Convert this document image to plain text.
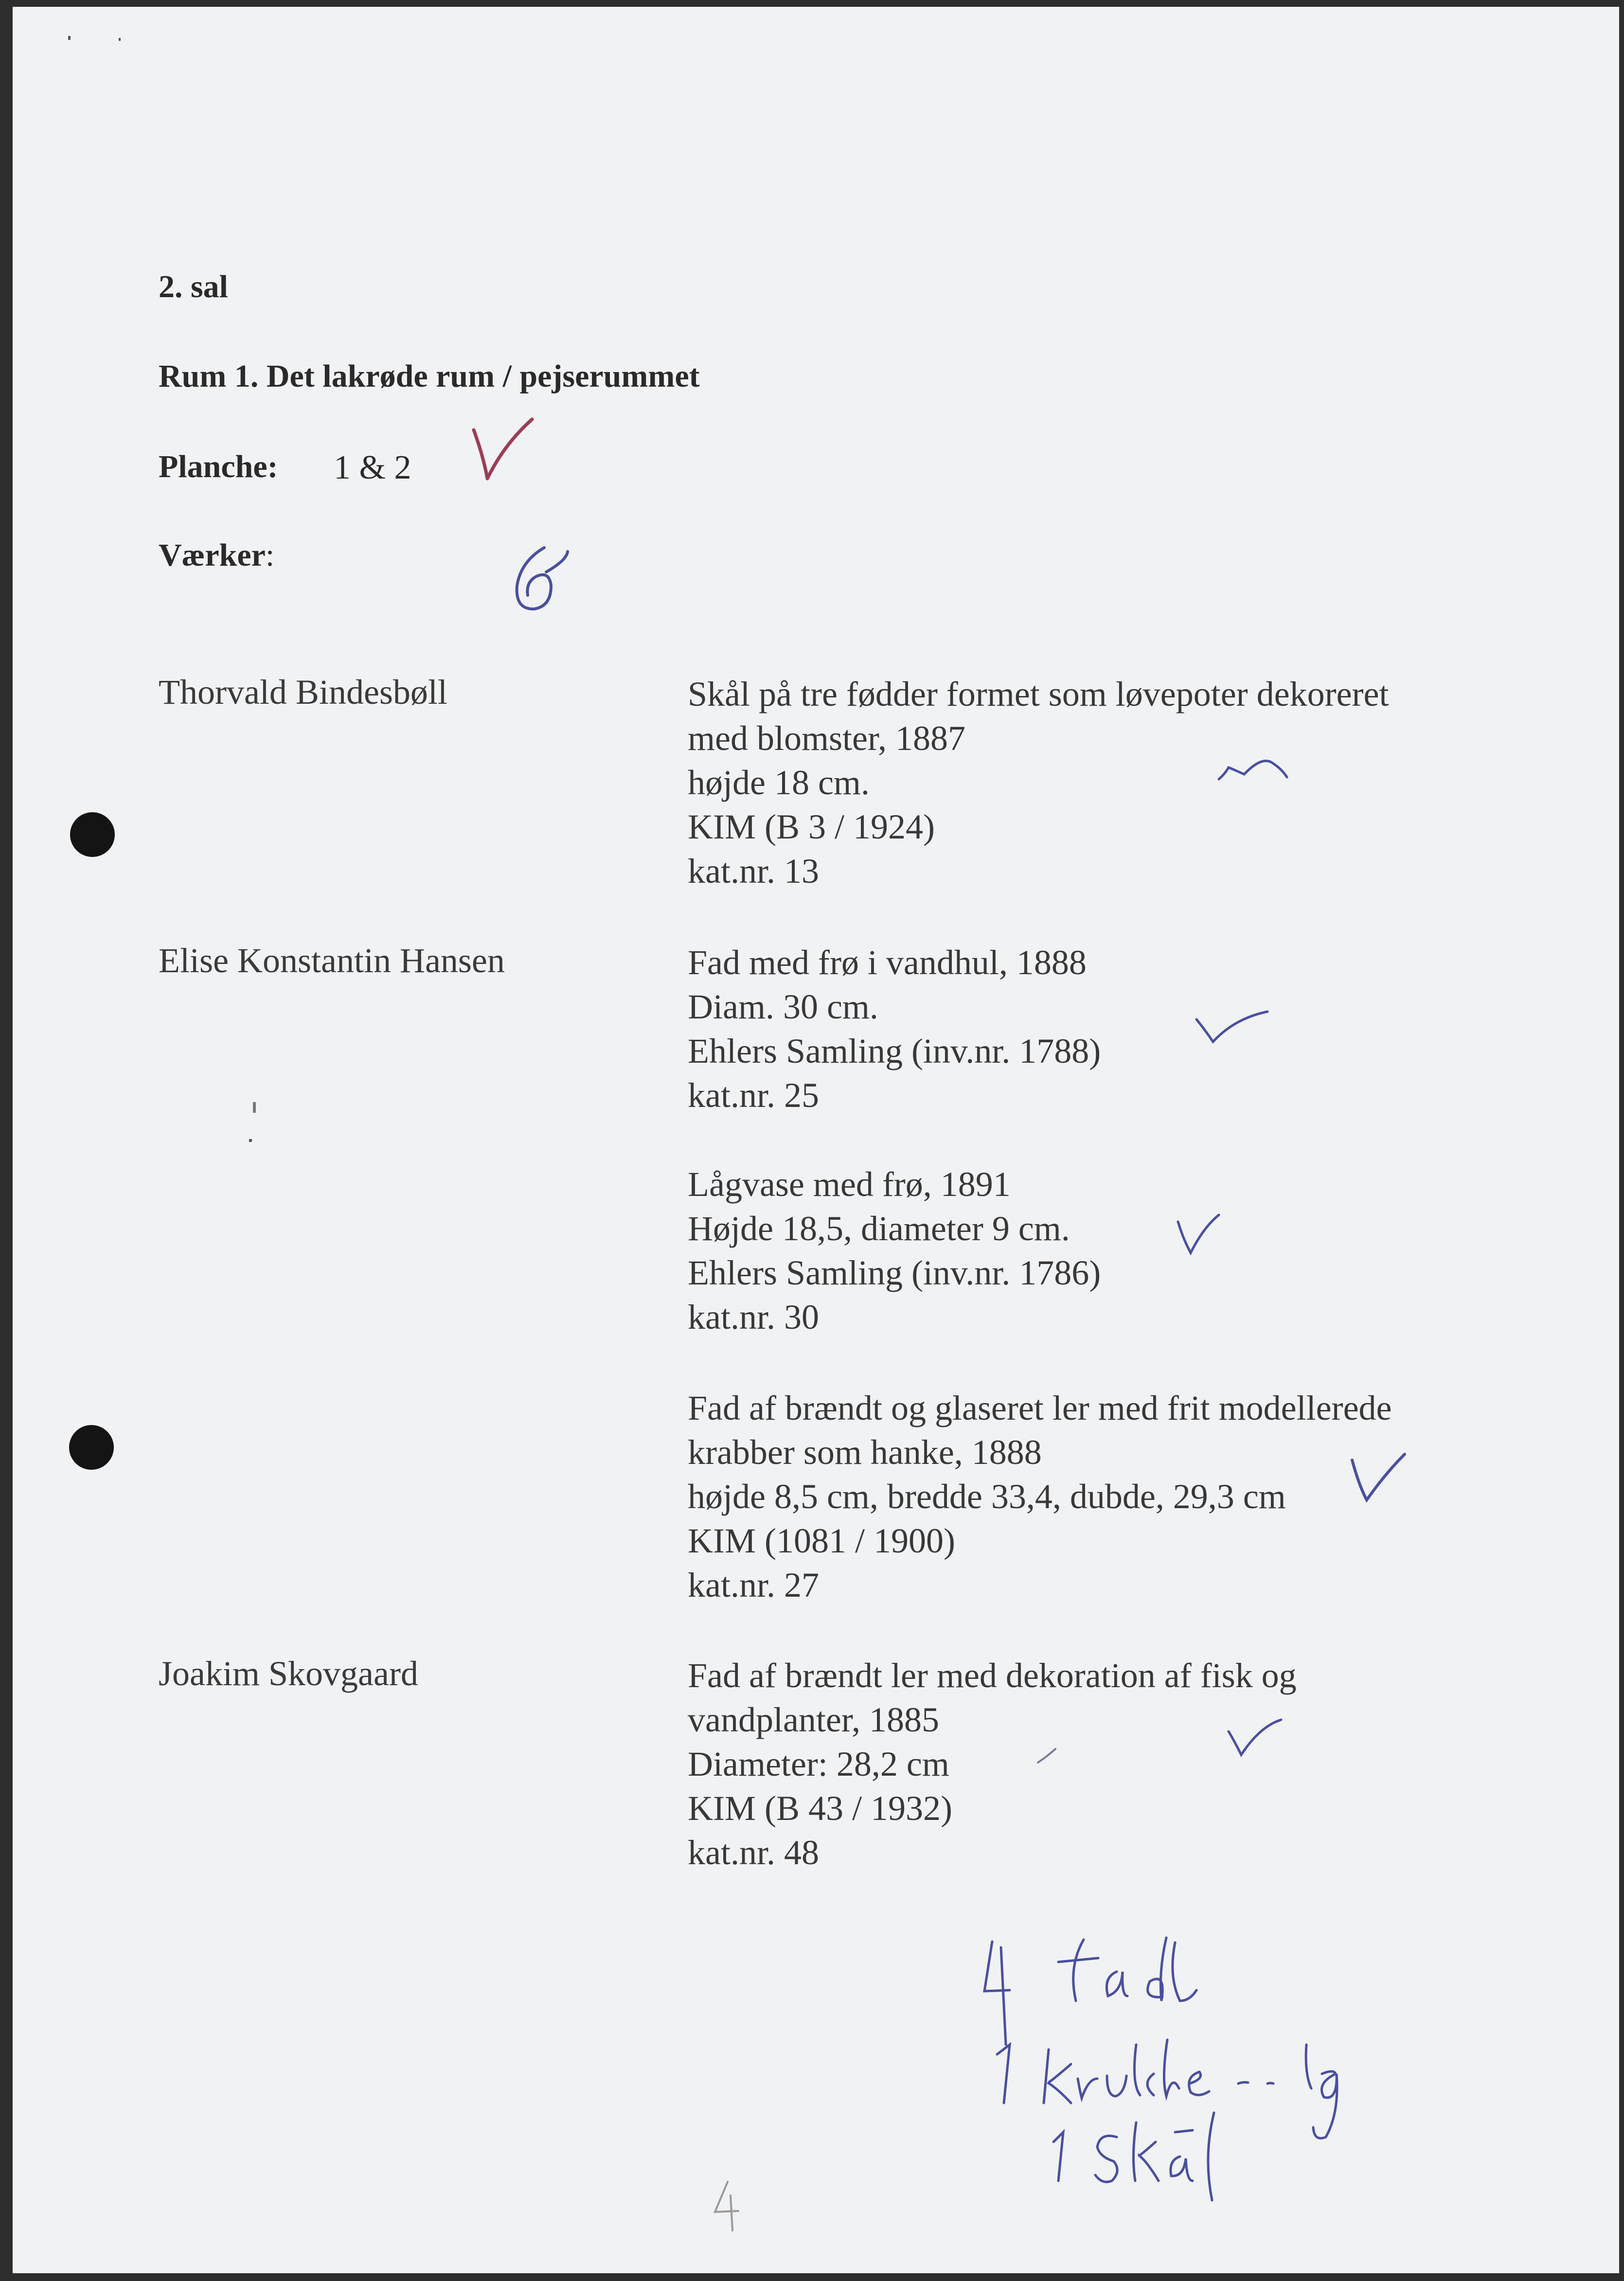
2. sal
Rum 1. Det lakrøde rum / pejserummet
Planche: 1 & 2
Værker:
Thorvald Bindesbøll	Skål på tre fødder formet som løvepoter dekoreret
med blomster, 1887
højde 18 cm.
KIM (B 3 / 1924)
kat.nr. 13
Elise Konstantin Hansen	Fad med frø i vandhul, 1888
Diam. 30 cm.
Ehlers Samling (inv.nr. 1788)
kat.nr. 25
Lågvase med frø, 1891
Højde 18,5, diameter 9 cm.
Ehlers Samling (inv.nr. 1786)
kat.nr. 30
Fad af brændt og glaseret ler med frit modellerede
krabber som hanke, 1888
højde 8,5 cm, bredde 33,4, dubde, 29,3 cm
KIM (1081 / 1900)
kat.nr. 27
Joakim Skovgaard	Fad af brændt ler med dekoration af fisk og
vandplanter, 1885
Diameter: 28,2 cm
KIM (B 43 / 1932)
kat.nr. 48
